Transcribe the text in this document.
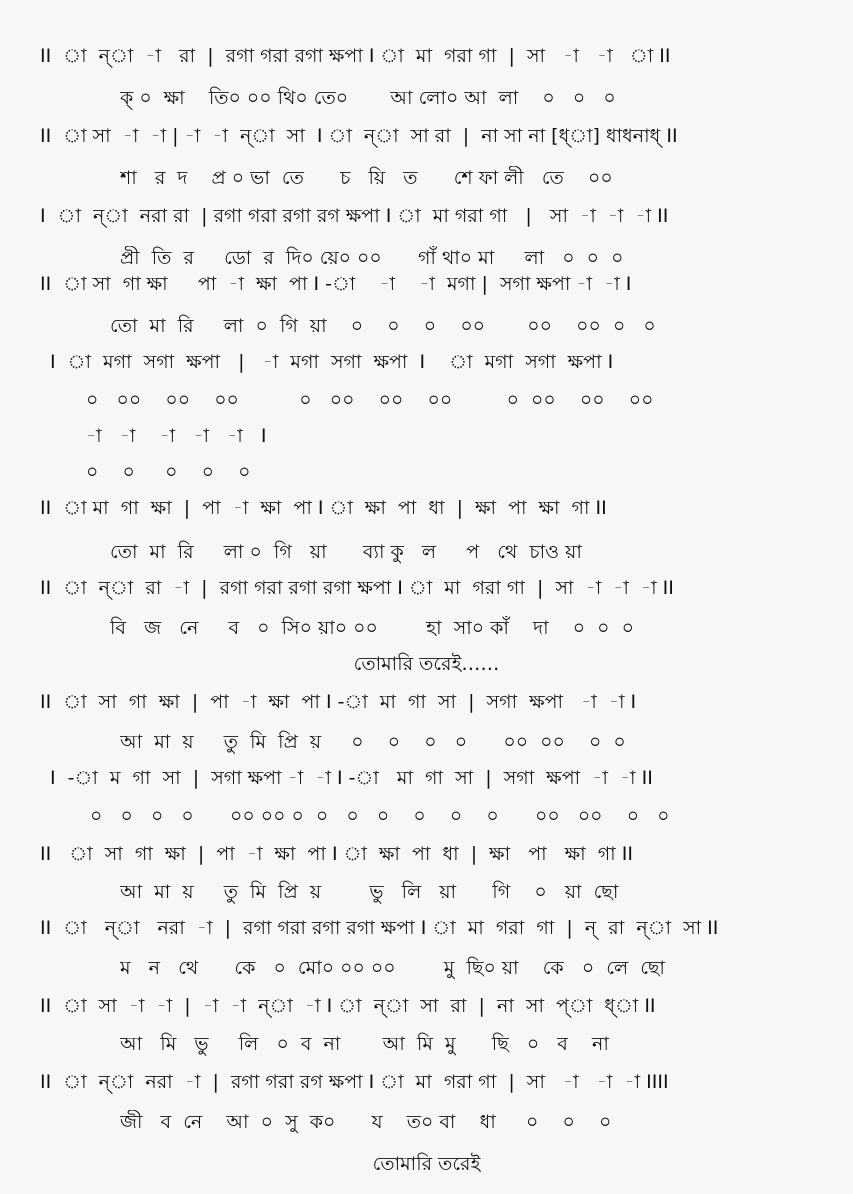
II  া  ন্‌া  -া   রা  |  রগা গরা রগা ক্ষপা I া  মা  গরা গা  |  সা   -া   -া   া II
ক্‌ ০  ক্ষা    তি০ ০০ থি০ তে০       আ লো০ আ  লা    ০   ০   ০
II  া সা  -া  -া | -া  -া  ন্‌া  সা  I া  ন্‌া  সা রা  |  না সা না [ধ্‌া] ধাধনাধ্‌ II
শা   র  দ    প্র ০ ভা  তে      চ   য়ি   ত      শে ফা লী   তে    ০০
I  া  ন্‌া  নরা রা  | রগা গরা রগা রগ ক্ষপা I া  মা গরা গা   |   সা  -া  -া  -া II
প্রী  তি  র     ডো  র  দি০ য়ে০ ০০      গাঁ থা০ মা     লা   ০  ০  ০
II  া সা  গা ক্ষা     পা  -া  ক্ষা  পা I -া    -া    -া  মগা |  সগা ক্ষপা -া  -া I
তো  মা  রি     লা  ০  গি  য়া    ০    ০    ০    ০০       ০০    ০০  ০   ০
I  া  মগা  সগা  ক্ষপা   |   -া  মগা  সগা  ক্ষপা  I    া  মগা  সগা  ক্ষপা I
০   ০০    ০০    ০০          ০   ০০    ০০    ০০         ০  ০০    ০০    ০০
-া   -া    -া   -া   -া   I
০    ০     ০    ০    ০
II  া মা  গা  ক্ষা  |  পা  -া  ক্ষা  পা I া  ক্ষা  পা  ধা  |  ক্ষা  পা  ক্ষা  গা II
তো  মা  রি     লা ০  গি   য়া      ব্যা কু   ল     প   থে  চাও য়া
II  া  ন্‌া  রা  -া  |  রগা গরা রগা রগা ক্ষপা I া  মা  গরা গা  |  সা  -া  -া  -া II
বি   জ   নে     ব   ০  সি০ য়া০ ০০        হা  সা০ কাঁ    দা    ০  ০  ০
তোমারি তরেই……
II  া  সা  গা  ক্ষা  |  পা  -া  ক্ষা  পা I -া  মা  গা  সা  |  সগা  ক্ষপা   -া  -া I
আ  মা  য়     তু  মি  প্রি  য়     ০    ০    ০   ০      ০০  ০০    ০  ০
I  -া  ম  গা  সা  |  সগা ক্ষপা -া  -া I -া   মা  গা  সা  |  সগা  ক্ষপা  -া  -া II
০   ০   ০   ০      ০০ ০০ ০  ০   ০   ০    ০    ০    ০      ০০   ০০    ০   ০
II   া  সা  গা  ক্ষা  |  পা  -া  ক্ষা  পা I া  ক্ষা  পা  ধা  |  ক্ষা   পা   ক্ষা  গা II
আ  মা  য়     তু  মি  প্রি  য়        ভু   লি   য়া      গি    ০   য়া  ছো
II  া   ন্‌া   নরা  -া  |  রগা গরা রগা রগা ক্ষপা I া  মা  গরা  গা  |  ন্‌  রা  ন্‌া  সা II
ম   ন   থে      কে   ০  মো০ ০০ ০০        মু  ছি০ য়া    কে   ০  লে  ছো
II  া  সা  -া  -া  |  -া  -া  ন্‌া  -া I া  ন্‌া  সা  রা  |  না  সা  প্‌া  ধ্‌া II
আ   মি   ভু     লি   ০  ব  না       আ  মি  মু      ছি   ০   ব    না
II  া  ন্‌া  নরা  -া  |  রগা গরা রগ ক্ষপা I া  মা  গরা গা  |  সা   -া   -া  -া IIII
জী   ব  নে    আ  ০  সু  ক০      য    ত০ বা    ধা     ০    ০    ০
তোমারি তরেই
